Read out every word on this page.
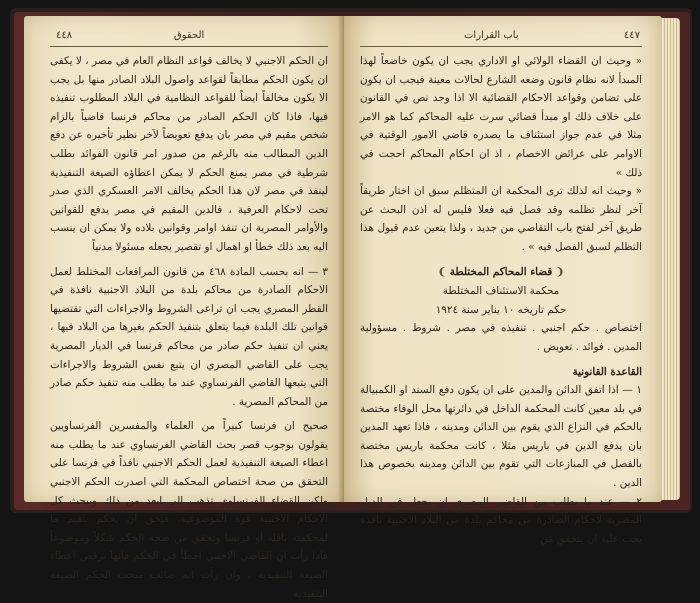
٤٤٨	الحقوق

ان الحكم الاجنبي لا يخالف قواعد النظام العام في مصر ، لا يكفى ان يكون الحكم مطابقاً لقواعد واصول البلاد الصادر منها بل يجب الا يكون مخالفاً ايضاً للقواعد النظامية في البلاد المطلوب تنفيذه فيها، فاذا كان الحكم الصادر من محاكم فرنسا قاضياً بالزام شخص مقيم في مصر بان يدفع تعويضاً لآخر نظير تأخيره عن دفع الدين المطالب منه بالرغم من صدور امر قانون الفوائد بطلب شرطية في مصر يمنع الحكم لا يمكن اعطاؤه الصيغة التنفيذية لينفذ في مصر لان هذا الحكم يخالف الامر العسكري الذي صدر تحت لاحكام العرفية ، فالدين المقيم في مصر يدفع للقوانين والأوامر المصرية ان تنفذ اوامر وقوانين بلاده ولا يمكن ان ينسب اليه بعد ذلك خطأ او اهمال او تقصير يجعله مسئولا مدنياً

٣ — انه بحسب المادة ٤٦٨ من قانون المرافعات المختلط لعمل الاحكام الصادرة من محاكم بلدة من البلاد الاجنبية نافذة في القطر المصري يجب ان تراعى الشروط والاجراءات التي تقتضيها قوانين تلك البلدة فيما يتعلق بتنفيذ الحكم بغيرها من البلاد فيها ، يعني ان تنفيذ حكم صادر من محاكم فرنسا في الديار المصرية يجب على القاضي المصري ان يتبع نفس الشروط والاجراءات التي يتبعها القاضي الفرنساوي عند ما يطلب منه تنفيذ حكم صادر من المحاكم المصرية .

صحيح ان فرنسا كبيراً من العلماء والمفسرين الفرنساويين يقولون بوجوب قصر بحث القاضي الفرنساوي عند ما يطلب منه اعطاء الصيغة التنفيذية لعمل الحكم الاجنبي نافذاً في فرنسا على التحقق من صحة اختصاص المحكمة التي اصدرت الحكم الاجنبي ولكن القضاء الفرنساوي تذهب الى ابعد من ذلك ويبحث كل الاحكام الاجنبية قوة الموضوعية، فيحق ان يحكم بتقيم ما لمحكمته ناقلة أو فرنسا وتحقق من صحة الحكم شكلاً وموضوعاً فاذا رأت ان القاضي الاجنبي اخطأ في الحكم فانها ترفض اعطاء الصيغة التنفيذية ، وان رأت انه صائب منحت الحكم الصيغة التنفيذية

٤٤٧
باب القرارات

« وحيث ان القضاء الولائي او الاداري يجب ان يكون خاضعاً لهذا المبدأ لانه نظام قانون وضعه الشارع لحالات معينة فيجب ان يكون على تضامن وقواعد الاحكام القضائية الا اذا وجد نص في القانون على خلاف ذلك او مبدأ قضائي سرت عليه المحاكم كما هو الامر مثلا في عدم جواز استئناف ما يصدره قاضي الامور الوقتية في الاوامر على عرائض الاخصام ، اذ ان احكام المحاكم احجت في ذلك »

« وحيث انه لذلك ترى المحكمة ان المتظلم سبق ان اختار طريقاً آخر لنظر تظلمه وقد فصل فيه فعلا فليس له اذن البحث عن طريق آخر لفتح باب التقاضي من جديد ، ولذا يتعين عدم قبول هذا التظلم لسبق الفصل فيه » .

❨ قضاء المحاكم المختلطة ❩

محكمة الاستئناف المختلطة

حكم تاريخه ١٠ يناير سنة ١٩٢٤

اختصاص . حكم اجنبي . تنفيذه في مصر . شروط . مسؤولية المدين . فوائد . تعويض .

القاعدة القانونية

١ — اذا اتفق الدائن والمدين على ان يكون دفع السند او الكمبيالة في بلد معين كانت المحكمة الداخل في دائرتها محل الوفاء مختصة بالحكم في النزاع الذي يقوم بين الدائن ومدينه ، فاذا تعهد المدين بان يدفع الدين في باريس مثلا ، كانت محكمة باريس مختصة بالفصل في المنازعات التي تقوم بين الدائن ومدينه بخصوص هذا الدين .

٢ — عند ما يطلب من القاضي المصري ان يجعل في الديار المصرية لاحكام الصادرة من محاكم بلدة من البلاد الاجنبية نافذة يجب عليه ان يتحقق من
